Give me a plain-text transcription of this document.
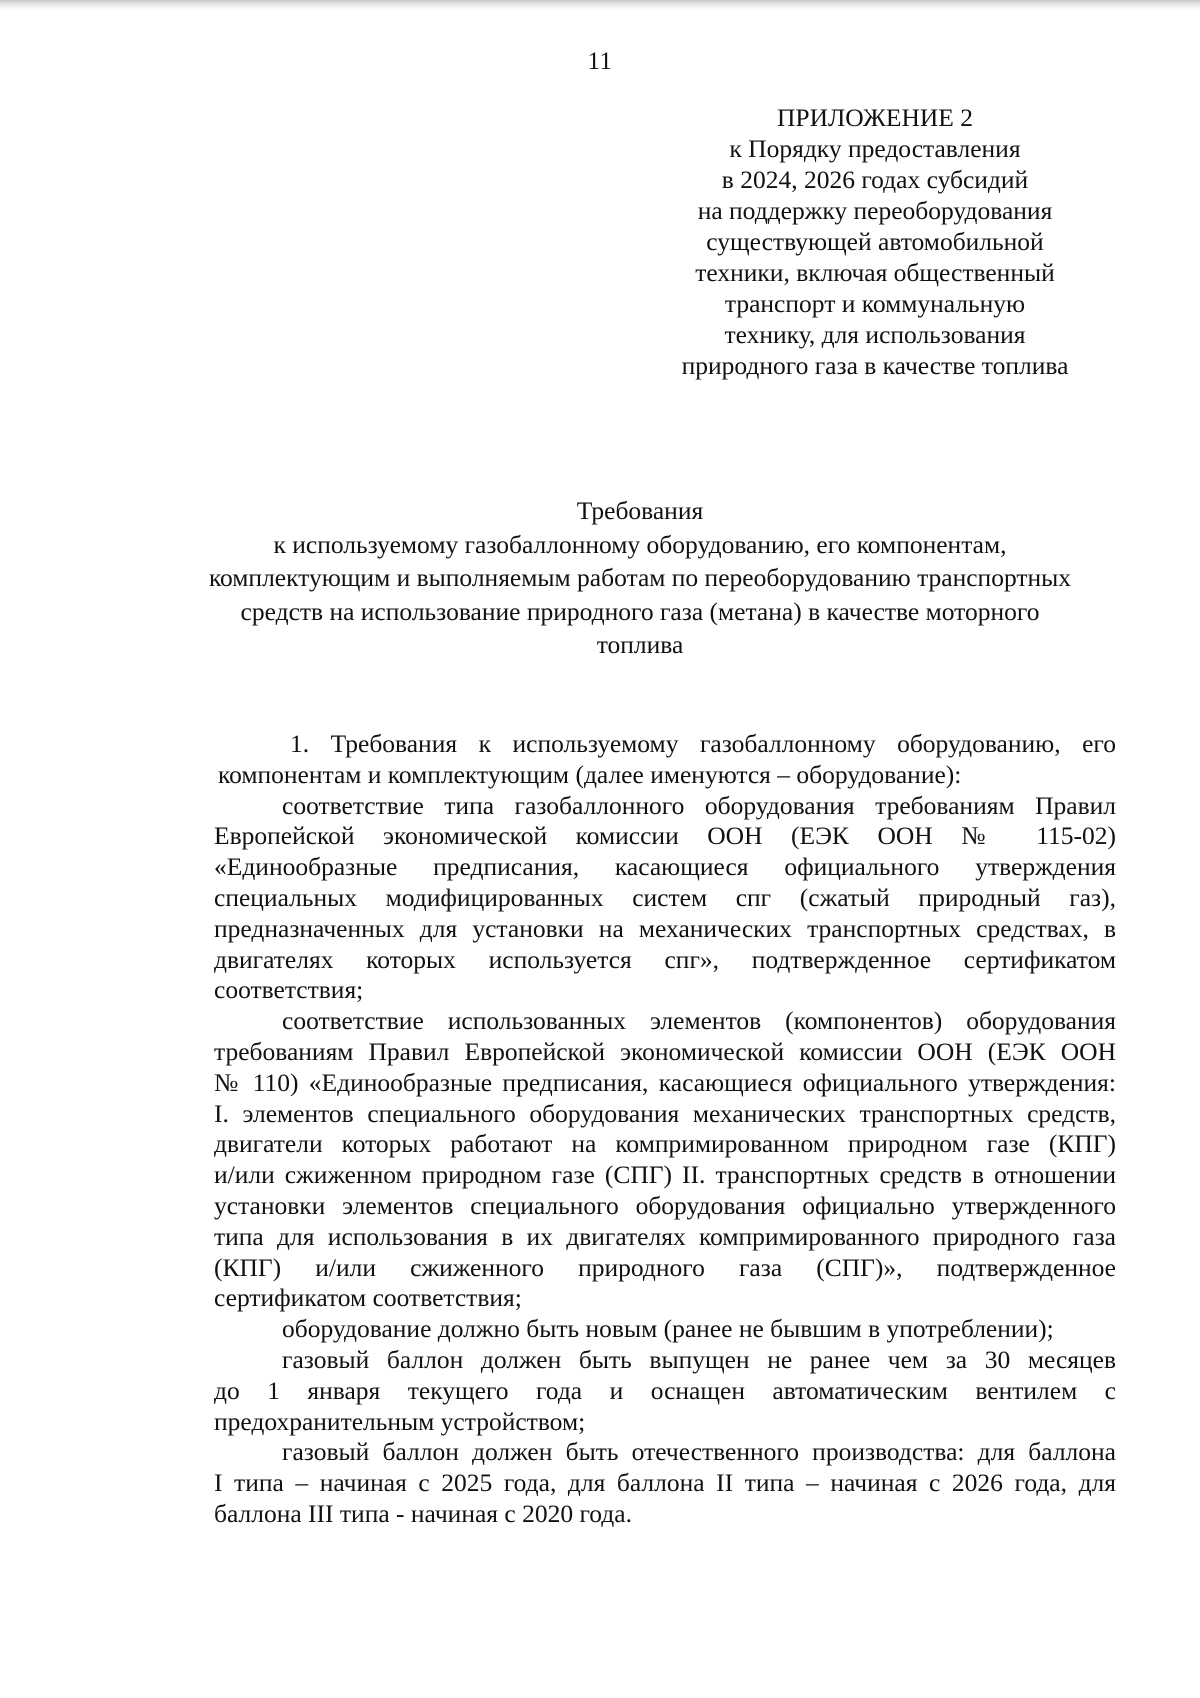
11
ПРИЛОЖЕНИЕ 2
к Порядку предоставления
в 2024, 2026 годах субсидий
на поддержку переоборудования
существующей автомобильной
техники, включая общественный
транспорт и коммунальную
технику, для использования
природного газа в качестве топлива
Требования
к используемому газобаллонному оборудованию, его компонентам,
комплектующим и выполняемым работам по переоборудованию транспортных
средств на использование природного газа (метана) в качестве моторного
топлива

1. Требования к используемому газобаллонному оборудованию, его
компонентам и комплектующим (далее именуются – оборудование):

соответствие типа газобаллонного оборудования требованиям Правил
Европейской экономической комиссии ООН (ЕЭК ООН № 115-02)
«Единообразные предписания, касающиеся официального утверждения
специальных модифицированных систем спг (сжатый природный газ),
предназначенных для установки на механических транспортных средствах, в
двигателях которых используется спг», подтвержденное сертификатом
соответствия;

соответствие использованных элементов (компонентов) оборудования
требованиям Правил Европейской экономической комиссии ООН (ЕЭК ООН
№ 110) «Единообразные предписания, касающиеся официального утверждения:
I. элементов специального оборудования механических транспортных средств,
двигатели которых работают на компримированном природном газе (КПГ)
и/или сжиженном природном газе (СПГ) II. транспортных средств в отношении
установки элементов специального оборудования официально утвержденного
типа для использования в их двигателях компримированного природного газа
(КПГ) и/или сжиженного природного газа (СПГ)», подтвержденное
сертификатом соответствия;

оборудование должно быть новым (ранее не бывшим в употреблении);

газовый баллон должен быть выпущен не ранее чем за 30 месяцев
до 1 января текущего года и оснащен автоматическим вентилем с
предохранительным устройством;

газовый баллон должен быть отечественного производства: для баллона
I типа – начиная с 2025 года, для баллона II типа – начиная с 2026 года, для
баллона III типа - начиная с 2020 года.
